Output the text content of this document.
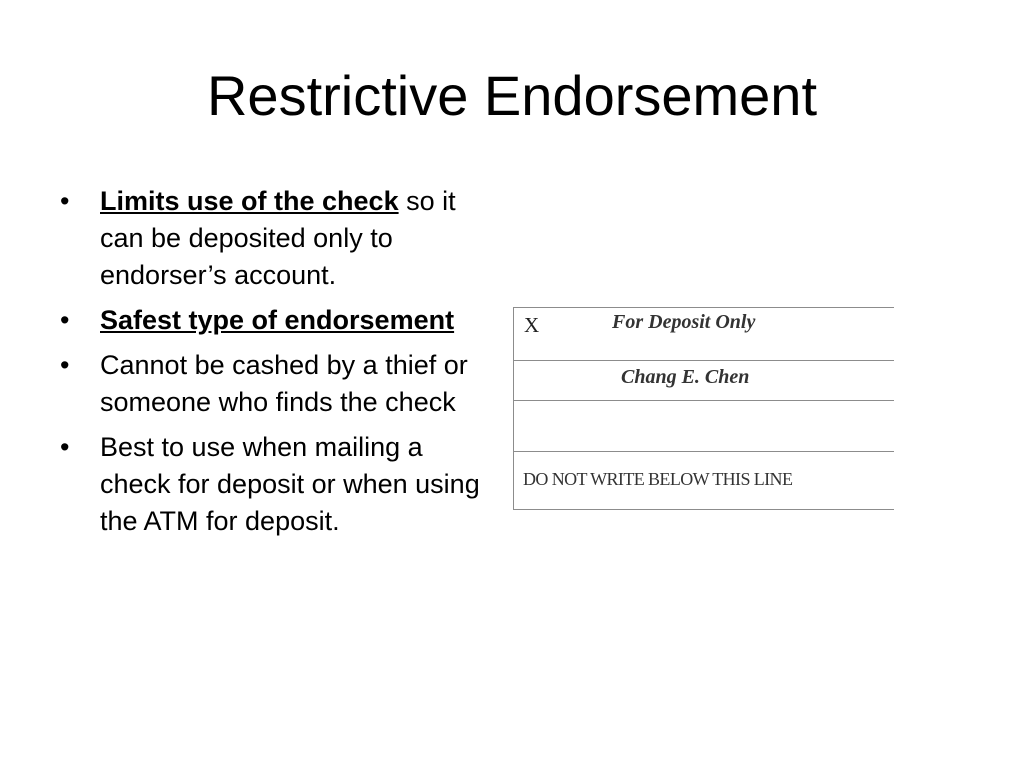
Restrictive Endorsement
•	Limits use of the check so it can be deposited only to endorser’s account.
•	Safest type of endorsement
•	Cannot be cashed by a thief or someone who finds the check
•	Best to use when mailing a check for deposit or when using the ATM for deposit.
X	For Deposit Only
Chang E. Chen
DO NOT WRITE BELOW THIS LINE
